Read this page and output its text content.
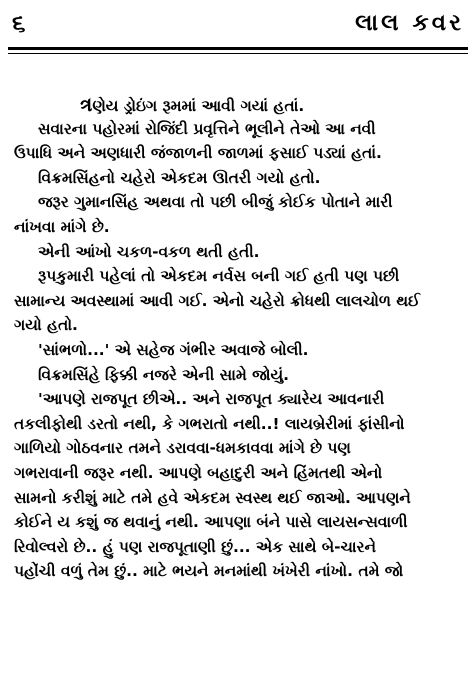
૬	લાલ કવર
ત્રણેય ડ્રોઇંગ રૂમમાં આવી ગયાં હતાં.
સવારના પહોરમાં રોજિંદી પ્રવૃત્તિને ભૂલીને તેઓ આ નવી
ઉપાધિ અને અણધારી જંજાળની જાળમાં ફસાઈ પડ્યાં હતાં.
વિક્રમસિંહનો ચહેરો એકદમ ઊતરી ગયો હતો.
જરૂર ગુમાનસિંહ અથવા તો પછી બીજું કોઈક પોતાને મારી
નાંખવા માંગે છે.
એની આંખો ચકળ-વકળ થતી હતી.
રૂપકુમારી પહેલાં તો એકદમ નર્વસ બની ગઈ હતી પણ પછી
સામાન્ય અવસ્થામાં આવી ગઈ. એનો ચહેરો ક્રોધથી લાલચોળ થઈ
ગયો હતો.
'સાંભળો...' એ સહેજ ગંભીર અવાજે બોલી.
વિક્રમસિંહે ફિક્કી નજરે એની સામે જોયું.
'આપણે રાજપૂત છીએ.. અને રાજપૂત ક્યારેય આવનારી
તકલીફોથી ડરતો નથી, કે ગભરાતો નથી..! લાયબ્રેરીમાં ફાંસીનો
ગાળિયો ગોઠવનાર તમને ડરાવવા-ધમકાવવા માંગે છે પણ
ગભરાવાની જરૂર નથી. આપણે બહાદુરી અને હિંમતથી એનો
સામનો કરીશું માટે તમે હવે એકદમ સ્વસ્થ થઈ જાઓ. આપણને
કોઈને ય કશું જ થવાનું નથી. આપણા બંને પાસે લાયસન્સવાળી
રિવોલ્વરો છે.. હું પણ રાજપૂતાણી છું... એક સાથે બે-ચારને
પહોંચી વળું તેમ છું.. માટે ભયને મનમાંથી ખંખેરી નાંખો. તમે જો
